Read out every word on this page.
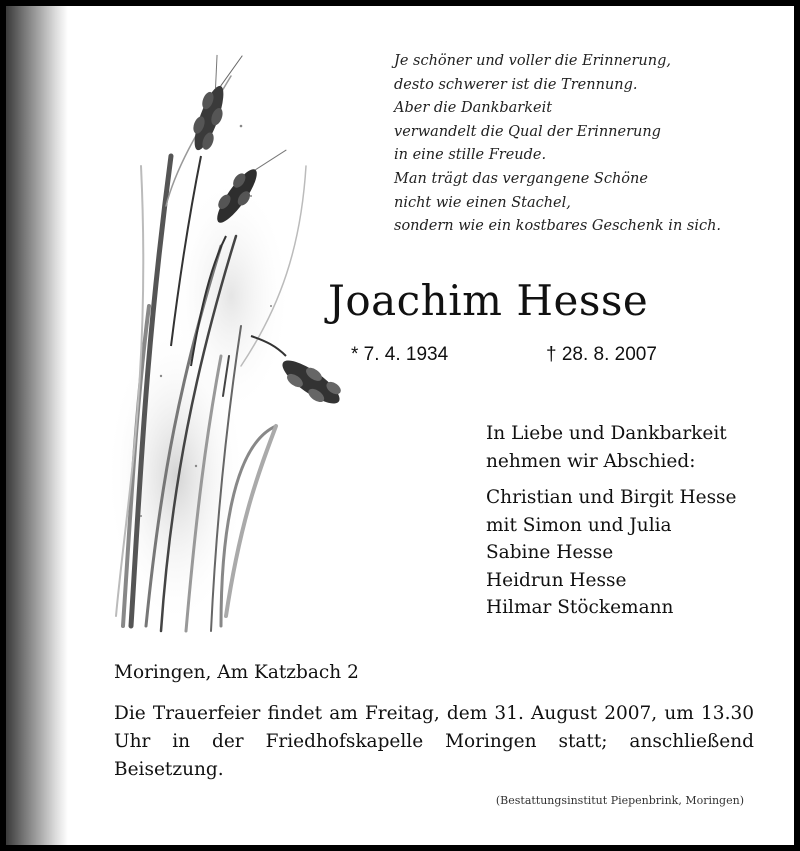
Je schöner und voller die Erinnerung,
desto schwerer ist die Trennung.
Aber die Dankbarkeit
verwandelt die Qual der Erinnerung
in eine stille Freude.
Man trägt das vergangene Schöne
nicht wie einen Stachel,
sondern wie ein kostbares Geschenk in sich.
Joachim Hesse
* 7. 4. 1934	† 28. 8. 2007
In Liebe und Dankbarkeit
nehmen wir Abschied:
Christian und Birgit Hesse
mit Simon und Julia
Sabine Hesse
Heidrun Hesse
Hilmar Stöckemann
Moringen, Am Katzbach 2
Die Trauerfeier findet am Freitag, dem 31. August 2007, um 13.30 Uhr in der Friedhofskapelle Moringen statt; anschließend Beisetzung.
(Bestattungsinstitut Piepenbrink, Moringen)
